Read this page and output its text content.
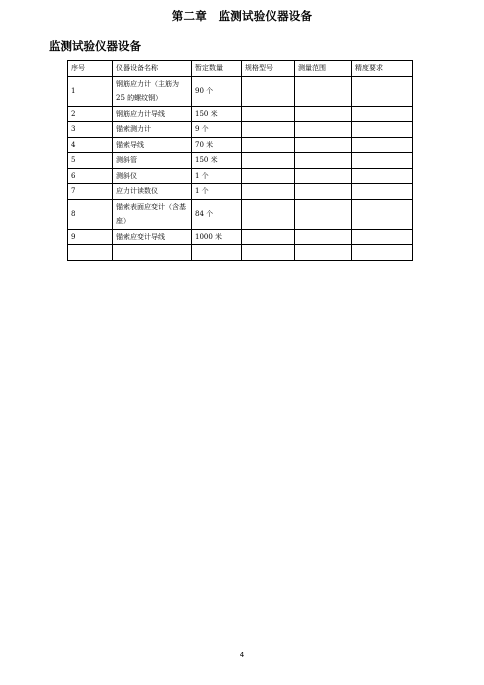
第二章　监测试验仪器设备
监测试验仪器设备
序号	仪器设备名称	暂定数量	规格型号	测量范围	精度要求
1	钢筋应力计（主筋为 25 的螺纹钢）	90 个			
2	钢筋应力计导线	150 米			
3	锚索测力计	9 个			
4	锚索导线	70 米			
5	测斜管	150 米			
6	测斜仪	1 个			
7	应力计读数仪	1 个			
8	锚索表面应变计（含基座）	84 个			
9	锚索应变计导线	1000 米			

4
